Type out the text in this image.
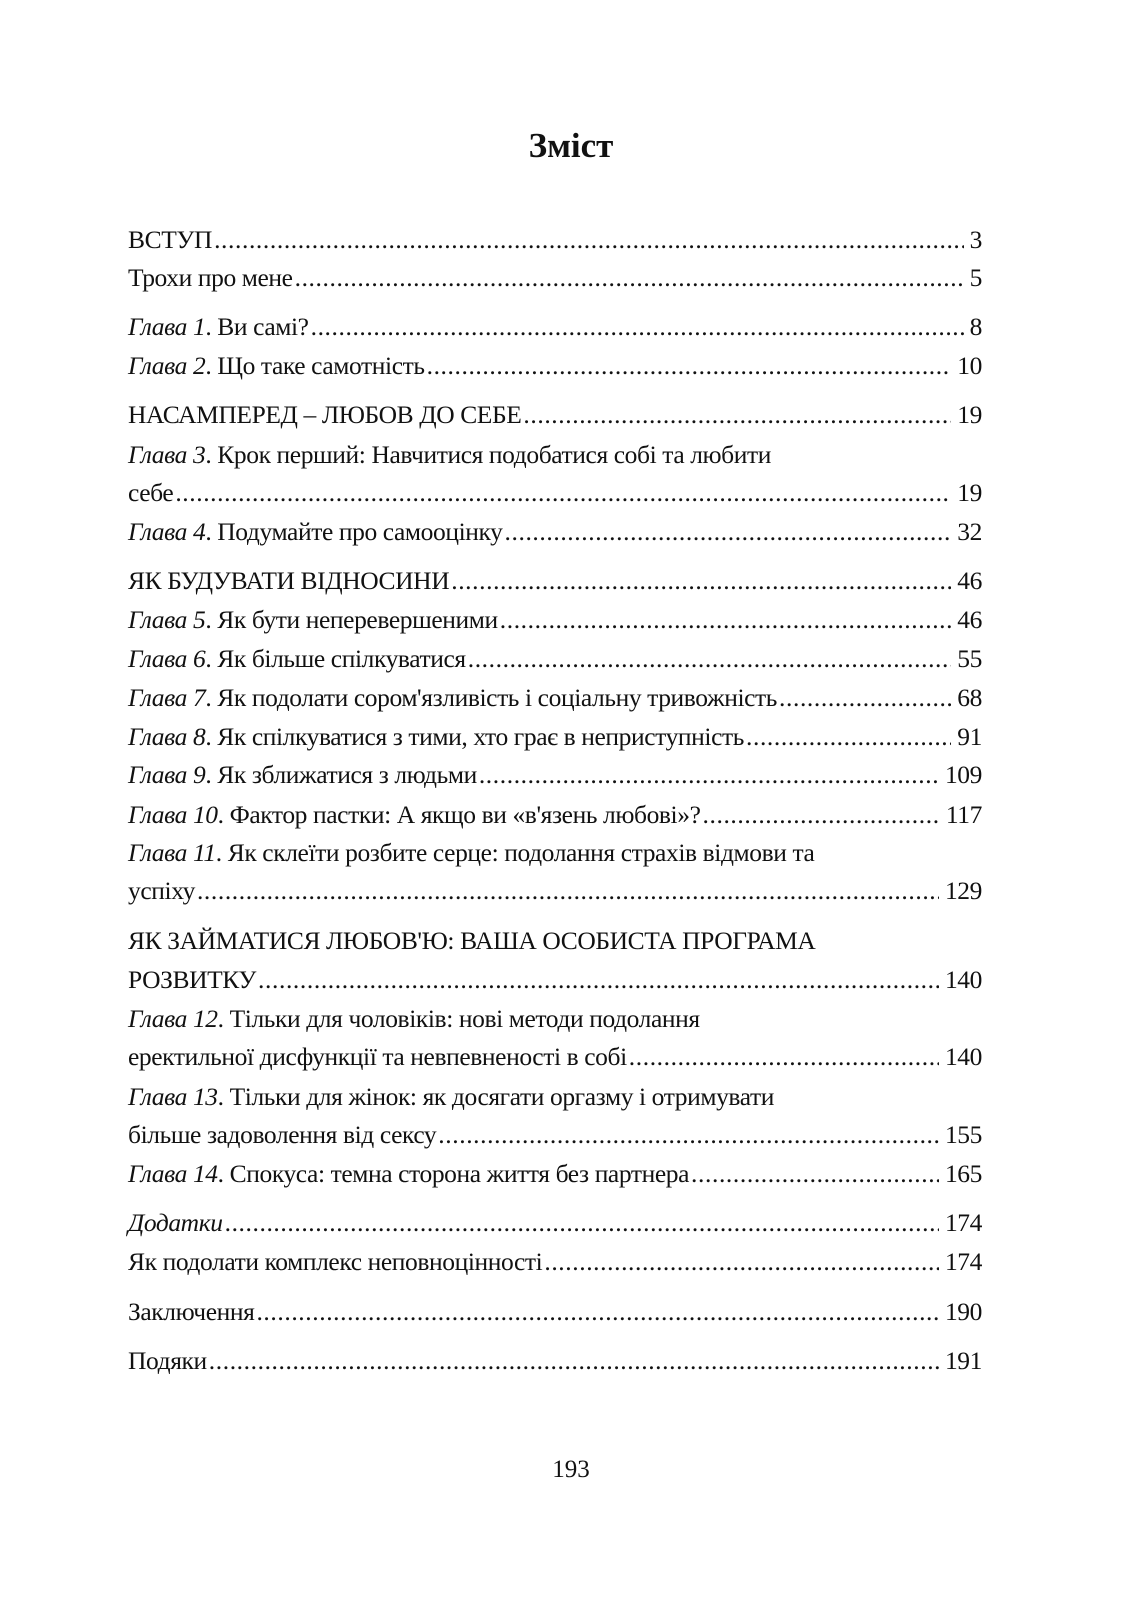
Зміст
ВСТУП .....	3
Трохи про мене .....	5
Глава 1. Ви самі? .....	8
Глава 2. Що таке самотність .....	10
НАСАМПЕРЕД – ЛЮБОВ ДО СЕБЕ .....	19
Глава 3. Крок перший: Навчитися подобатися собі та любити
себе .....	19
Глава 4. Подумайте про самооцінку .....	32
ЯК БУДУВАТИ ВІДНОСИНИ .....	46
Глава 5. Як бути неперевершеними .....	46
Глава 6. Як більше спілкуватися .....	55
Глава 7. Як подолати сором'язливість і соціальну тривожність .....	68
Глава 8. Як спілкуватися з тими, хто грає в неприступність .....	91
Глава 9. Як зближатися з людьми .....	109
Глава 10. Фактор пастки: А якщо ви «в'язень любові»? .....	117
Глава 11. Як склеїти розбите серце: подолання страхів відмови та
успіху .....	129
ЯК ЗАЙМАТИСЯ ЛЮБОВ'Ю: ВАША ОСОБИСТА ПРОГРАМА
РОЗВИТКУ .....	140
Глава 12. Тільки для чоловіків: нові методи подолання
еректильної дисфункції та невпевненості в собі .....	140
Глава 13. Тільки для жінок: як досягати оргазму і отримувати
більше задоволення від сексу .....	155
Глава 14. Спокуса: темна сторона життя без партнера .....	165
Додатки .....	174
Як подолати комплекс неповноцінності .....	174
Заключення .....	190
Подяки .....	191
193
